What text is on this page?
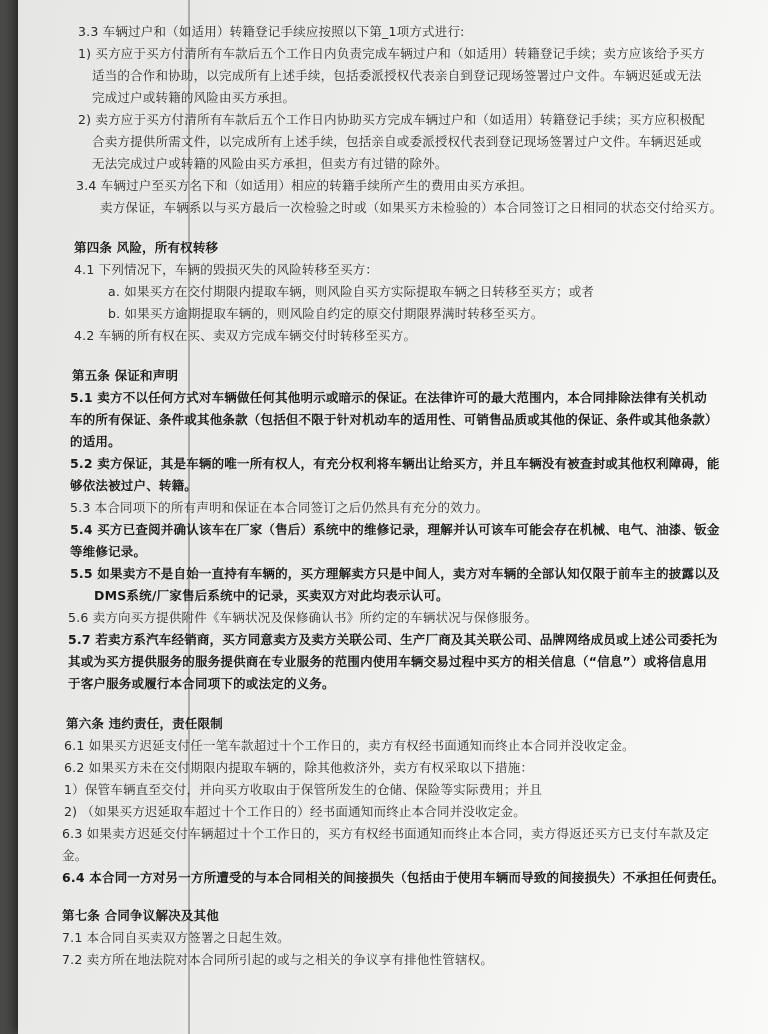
3.3 车辆过户和（如适用）转籍登记手续应按照以下第_1项方式进行:
1) 买方应于买方付清所有车款后五个工作日内负责完成车辆过户和（如适用）转籍登记手续；卖方应该给予买方
适当的合作和协助，以完成所有上述手续，包括委派授权代表亲自到登记现场签署过户文件。车辆迟延或无法
完成过户或转籍的风险由买方承担。
2) 卖方应于买方付清所有车款后五个工作日内协助买方完成车辆过户和（如适用）转籍登记手续；买方应积极配
合卖方提供所需文件，以完成所有上述手续，包括亲自或委派授权代表到登记现场签署过户文件。车辆迟延或
无法完成过户或转籍的风险由买方承担，但卖方有过错的除外。
3.4 车辆过户至买方名下和（如适用）相应的转籍手续所产生的费用由买方承担。
卖方保证，车辆系以与买方最后一次检验之时或（如果买方未检验的）本合同签订之日相同的状态交付给买方。
第四条 风险，所有权转移
4.1 下列情况下，车辆的毁损灭失的风险转移至买方：
a. 如果买方在交付期限内提取车辆，则风险自买方实际提取车辆之日转移至买方；或者
b. 如果买方逾期提取车辆的，则风险自约定的原交付期限界满时转移至买方。
4.2 车辆的所有权在买、卖双方完成车辆交付时转移至买方。
第五条 保证和声明
5.1 卖方不以任何方式对车辆做任何其他明示或暗示的保证。在法律许可的最大范围内，本合同排除法律有关机动
车的所有保证、条件或其他条款（包括但不限于针对机动车的适用性、可销售品质或其他的保证、条件或其他条款）
的适用。
5.2 卖方保证，其是车辆的唯一所有权人，有充分权利将车辆出让给买方，并且车辆没有被查封或其他权利障碍，能
够依法被过户、转籍。
5.3 本合同项下的所有声明和保证在本合同签订之后仍然具有充分的效力。
5.4 买方已查阅并确认该车在厂家（售后）系统中的维修记录，理解并认可该车可能会存在机械、电气、油漆、钣金
等维修记录。
5.5 如果卖方不是自始一直持有车辆的，买方理解卖方只是中间人，卖方对车辆的全部认知仅限于前车主的披露以及
DMS系统/厂家售后系统中的记录，买卖双方对此均表示认可。
5.6 卖方向买方提供附件《车辆状况及保修确认书》所约定的车辆状况与保修服务。
5.7 若卖方系汽车经销商，买方同意卖方及卖方关联公司、生产厂商及其关联公司、品牌网络成员或上述公司委托为
其或为买方提供服务的服务提供商在专业服务的范围内使用车辆交易过程中买方的相关信息（“信息”）或将信息用
于客户服务或履行本合同项下的或法定的义务。
第六条 违约责任，责任限制
6.1 如果买方迟延支付任一笔车款超过十个工作日的，卖方有权经书面通知而终止本合同并没收定金。
6.2 如果买方未在交付期限内提取车辆的，除其他救济外，卖方有权采取以下措施：
1）保管车辆直至交付，并向买方收取由于保管所发生的仓储、保险等实际费用；并且
2) （如果买方迟延取车超过十个工作日的）经书面通知而终止本合同并没收定金。
6.3 如果卖方迟延交付车辆超过十个工作日的，买方有权经书面通知而终止本合同，卖方得返还买方已支付车款及定
金。
6.4 本合同一方对另一方所遭受的与本合同相关的间接损失（包括由于使用车辆而导致的间接损失）不承担任何责任。
第七条 合同争议解决及其他
7.1 本合同自买卖双方签署之日起生效。
7.2 卖方所在地法院对本合同所引起的或与之相关的争议享有排他性管辖权。
